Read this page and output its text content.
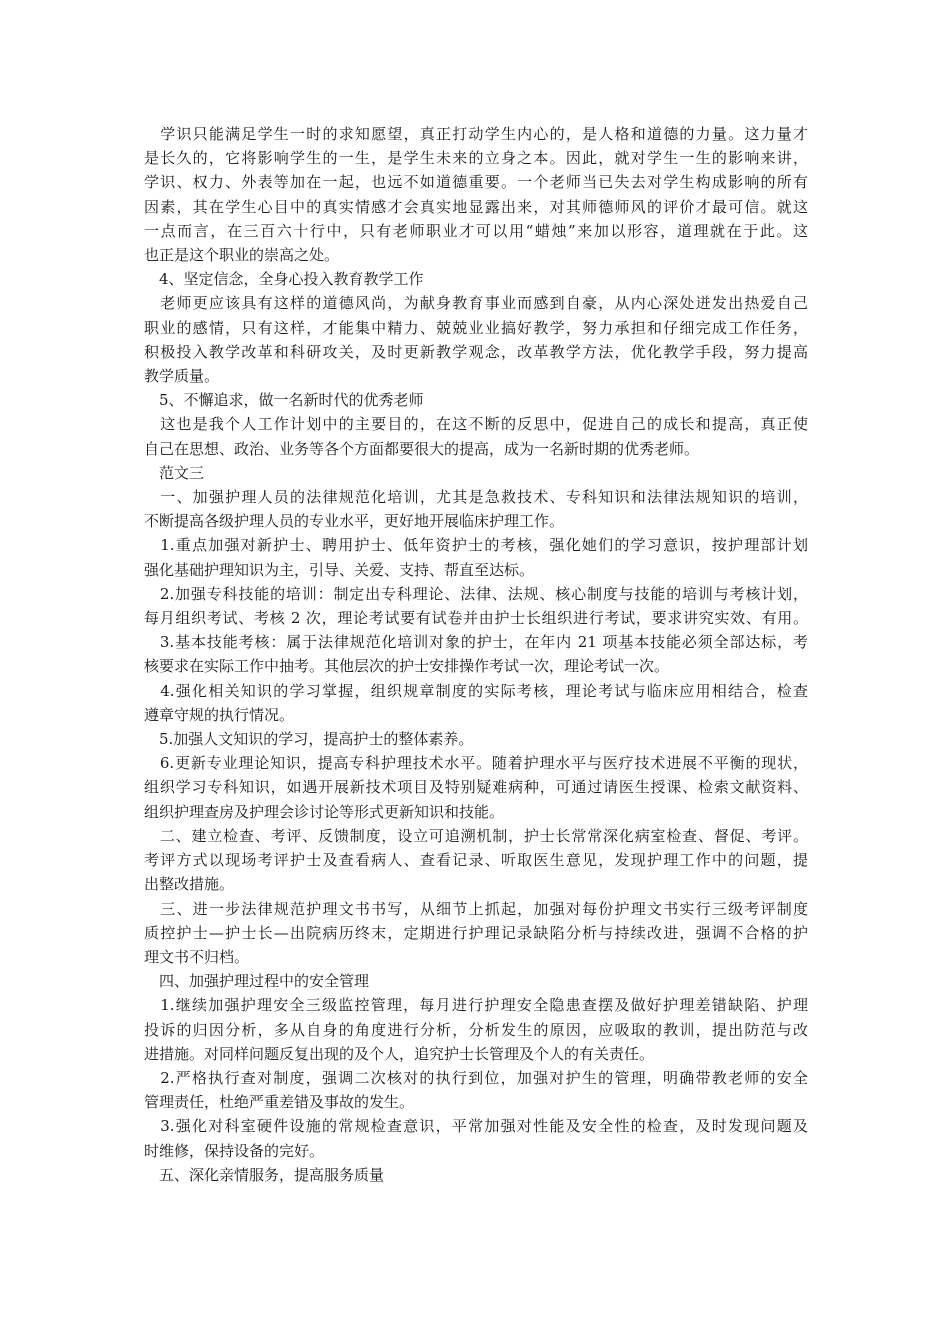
　学识只能满足学生一时的求知愿望，真正打动学生内心的，是人格和道德的力量。这力量才
是长久的，它将影响学生的一生，是学生未来的立身之本。因此，就对学生一生的影响来讲，
学识、权力、外表等加在一起，也远不如道德重要。一个老师当已失去对学生构成影响的所有
因素，其在学生心目中的真实情感才会真实地显露出来，对其师德师风的评价才最可信。就这
一点而言，在三百六十行中，只有老师职业才可以用“蜡烛”来加以形容，道理就在于此。这
也正是这个职业的崇高之处。
　4、坚定信念，全身心投入教育教学工作
　老师更应该具有这样的道德风尚，为献身教育事业而感到自豪，从内心深处迸发出热爱自己
职业的感情，只有这样，才能集中精力、兢兢业业搞好教学，努力承担和仔细完成工作任务，
积极投入教学改革和科研攻关，及时更新教学观念，改革教学方法，优化教学手段，努力提高
教学质量。
　5、不懈追求，做一名新时代的优秀老师
　这也是我个人工作计划中的主要目的，在这不断的反思中，促进自己的成长和提高，真正使
自己在思想、政治、业务等各个方面都要很大的提高，成为一名新时期的优秀老师。
　范文三
　一、加强护理人员的法律规范化培训，尤其是急救技术、专科知识和法律法规知识的培训，
不断提高各级护理人员的专业水平，更好地开展临床护理工作。
　1.重点加强对新护士、聘用护士、低年资护士的考核，强化她们的学习意识，按护理部计划
强化基础护理知识为主，引导、关爱、支持、帮直至达标。
　2.加强专科技能的培训：制定出专科理论、法律、法规、核心制度与技能的培训与考核计划，
每月组织考试、考核 2 次，理论考试要有试卷并由护士长组织进行考试，要求讲究实效、有用。
　3.基本技能考核：属于法律规范化培训对象的护士，在年内 21 项基本技能必须全部达标，考
核要求在实际工作中抽考。其他层次的护士安排操作考试一次，理论考试一次。
　4.强化相关知识的学习掌握，组织规章制度的实际考核，理论考试与临床应用相结合，检查
遵章守规的执行情况。
　5.加强人文知识的学习，提高护士的整体素养。
　6.更新专业理论知识，提高专科护理技术水平。随着护理水平与医疗技术进展不平衡的现状，
组织学习专科知识，如遇开展新技术项目及特别疑难病种，可通过请医生授课、检索文献资料、
组织护理查房及护理会诊讨论等形式更新知识和技能。
　二、建立检查、考评、反馈制度，设立可追溯机制，护士长常常深化病室检查、督促、考评。
考评方式以现场考评护士及查看病人、查看记录、听取医生意见，发现护理工作中的问题，提
出整改措施。
　三、进一步法律规范护理文书书写，从细节上抓起，加强对每份护理文书实行三级考评制度
质控护士—护士长—出院病历终末，定期进行护理记录缺陷分析与持续改进，强调不合格的护
理文书不归档。
　四、加强护理过程中的安全管理
　1.继续加强护理安全三级监控管理，每月进行护理安全隐患查摆及做好护理差错缺陷、护理
投诉的归因分析，多从自身的角度进行分析，分析发生的原因，应吸取的教训，提出防范与改
进措施。对同样问题反复出现的及个人，追究护士长管理及个人的有关责任。
　2.严格执行查对制度，强调二次核对的执行到位，加强对护生的管理，明确带教老师的安全
管理责任，杜绝严重差错及事故的发生。
　3.强化对科室硬件设施的常规检查意识，平常加强对性能及安全性的检查，及时发现问题及
时维修，保持设备的完好。
　五、深化亲情服务，提高服务质量
